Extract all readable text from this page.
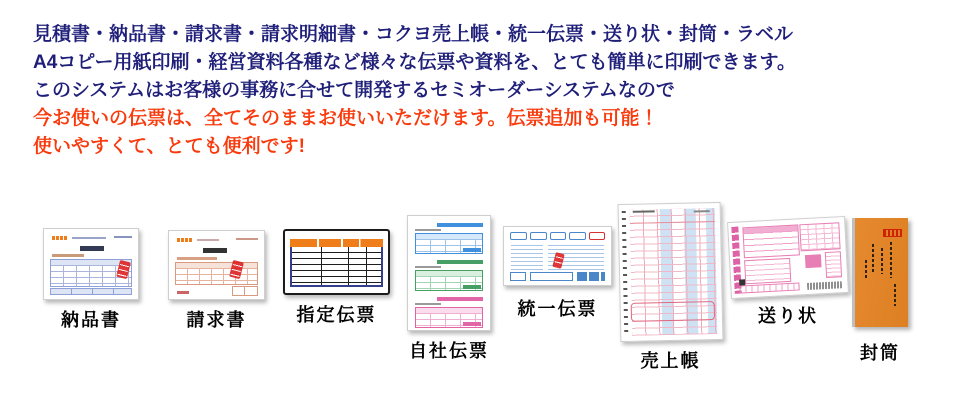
見積書・納品書・請求書・請求明細書・コクヨ売上帳・統一伝票・送り状・封筒・ラベル

A4コピー用紙印刷・経営資料各種など様々な伝票や資料を、とても簡単に印刷できます。

このシステムはお客様の事務に合せて開発するセミオーダーシステムなので

今お使いの伝票は、全てそのままお使いいただけます。伝票追加も可能！

使いやすくて、とても便利です!

納品書	請求書	指定伝票
自社伝票
統一伝票
売上帳
送り状
封筒
